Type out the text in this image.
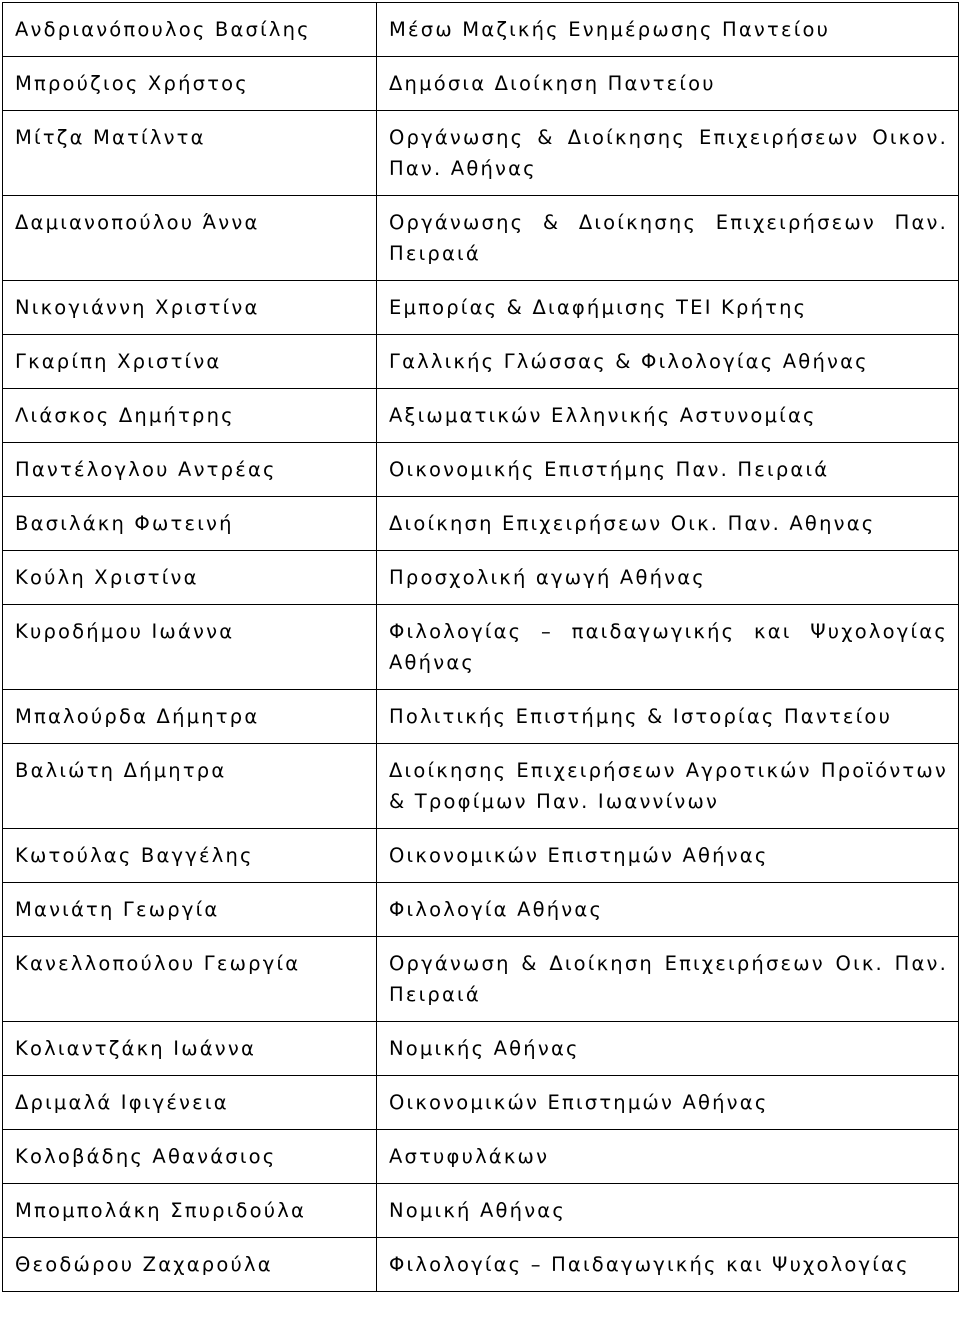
Ανδριανόπουλος Βασίλης	Μέσω Μαζικής Ενημέρωσης Παντείου
Μπρούζιος Χρήστος	Δημόσια Διοίκηση Παντείου
Μίτζα Ματίλντα	Οργάνωσης & Διοίκησης Επιχειρήσεων Οικον. Παν. Αθήνας
Δαμιανοπούλου Άννα	Οργάνωσης & Διοίκησης Επιχειρήσεων Παν. Πειραιά
Νικογιάννη Χριστίνα	Εμπορίας & Διαφήμισης ΤΕΙ Κρήτης
Γκαρίπη Χριστίνα	Γαλλικής Γλώσσας & Φιλολογίας Αθήνας
Λιάσκος Δημήτρης	Αξιωματικών Ελληνικής Αστυνομίας
Παντέλογλου Αντρέας	Οικονομικής Επιστήμης Παν. Πειραιά
Βασιλάκη Φωτεινή	Διοίκηση Επιχειρήσεων Οικ. Παν. Αθηνας
Κούλη Χριστίνα	Προσχολική αγωγή Αθήνας
Κυροδήμου Ιωάννα	Φιλολογίας – παιδαγωγικής και Ψυχολογίας Αθήνας
Μπαλούρδα Δήμητρα	Πολιτικής Επιστήμης & Ιστορίας Παντείου
Βαλιώτη Δήμητρα	Διοίκησης Επιχειρήσεων Αγροτικών Προϊόντων & Τροφίμων Παν. Ιωαννίνων
Κωτούλας Βαγγέλης	Οικονομικών Επιστημών Αθήνας
Μανιάτη Γεωργία	Φιλολογία Αθήνας
Κανελλοπούλου Γεωργία	Οργάνωση & Διοίκηση Επιχειρήσεων Οικ. Παν. Πειραιά
Κολιαντζάκη Ιωάννα	Νομικής Αθήνας
Δριμαλά Ιφιγένεια	Οικονομικών Επιστημών Αθήνας
Κολοβάδης Αθανάσιος	Αστυφυλάκων
Μπομπολάκη Σπυριδούλα	Νομική Αθήνας
Θεοδώρου Ζαχαρούλα	Φιλολογίας – Παιδαγωγικής και Ψυχολογίας
